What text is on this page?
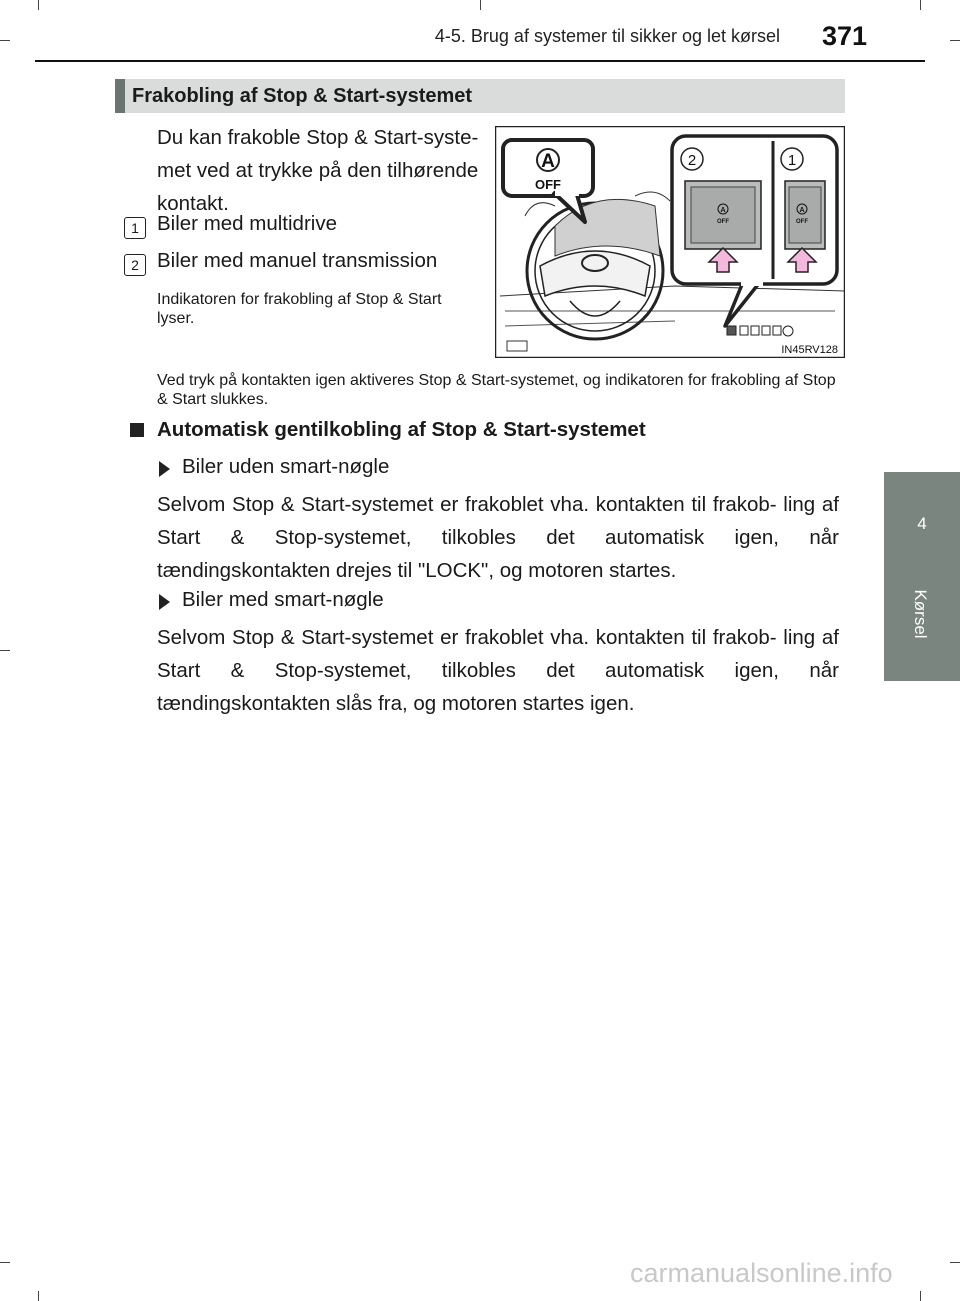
4-5. Brug af systemer til sikker og let kørsel 371
4
Kørsel
Frakobling af Stop & Start-systemet
Du kan frakoble Stop & Start-syste- met ved at trykke på den tilhørende kontakt.
1 Biler med multidrive
2 Biler med manuel transmission
Indikatoren for frakobling af Stop & Start lyser.
Ved tryk på kontakten igen aktiveres Stop & Start-systemet, og indikatoren for frakobling af Stop & Start slukkes.
A
OFF
2	1
A
OFF
A
OFF
IN45RV128
Automatisk gentilkobling af Stop & Start-systemet
Biler uden smart-nøgle
Selvom Stop & Start-systemet er frakoblet vha. kontakten til frakob- ling af Start & Stop-systemet, tilkobles det automatisk igen, når tændingskontakten drejes til "LOCK", og motoren startes.
Biler med smart-nøgle
Selvom Stop & Start-systemet er frakoblet vha. kontakten til frakob- ling af Start & Stop-systemet, tilkobles det automatisk igen, når tændingskontakten slås fra, og motoren startes igen.
carmanualsonline.info
